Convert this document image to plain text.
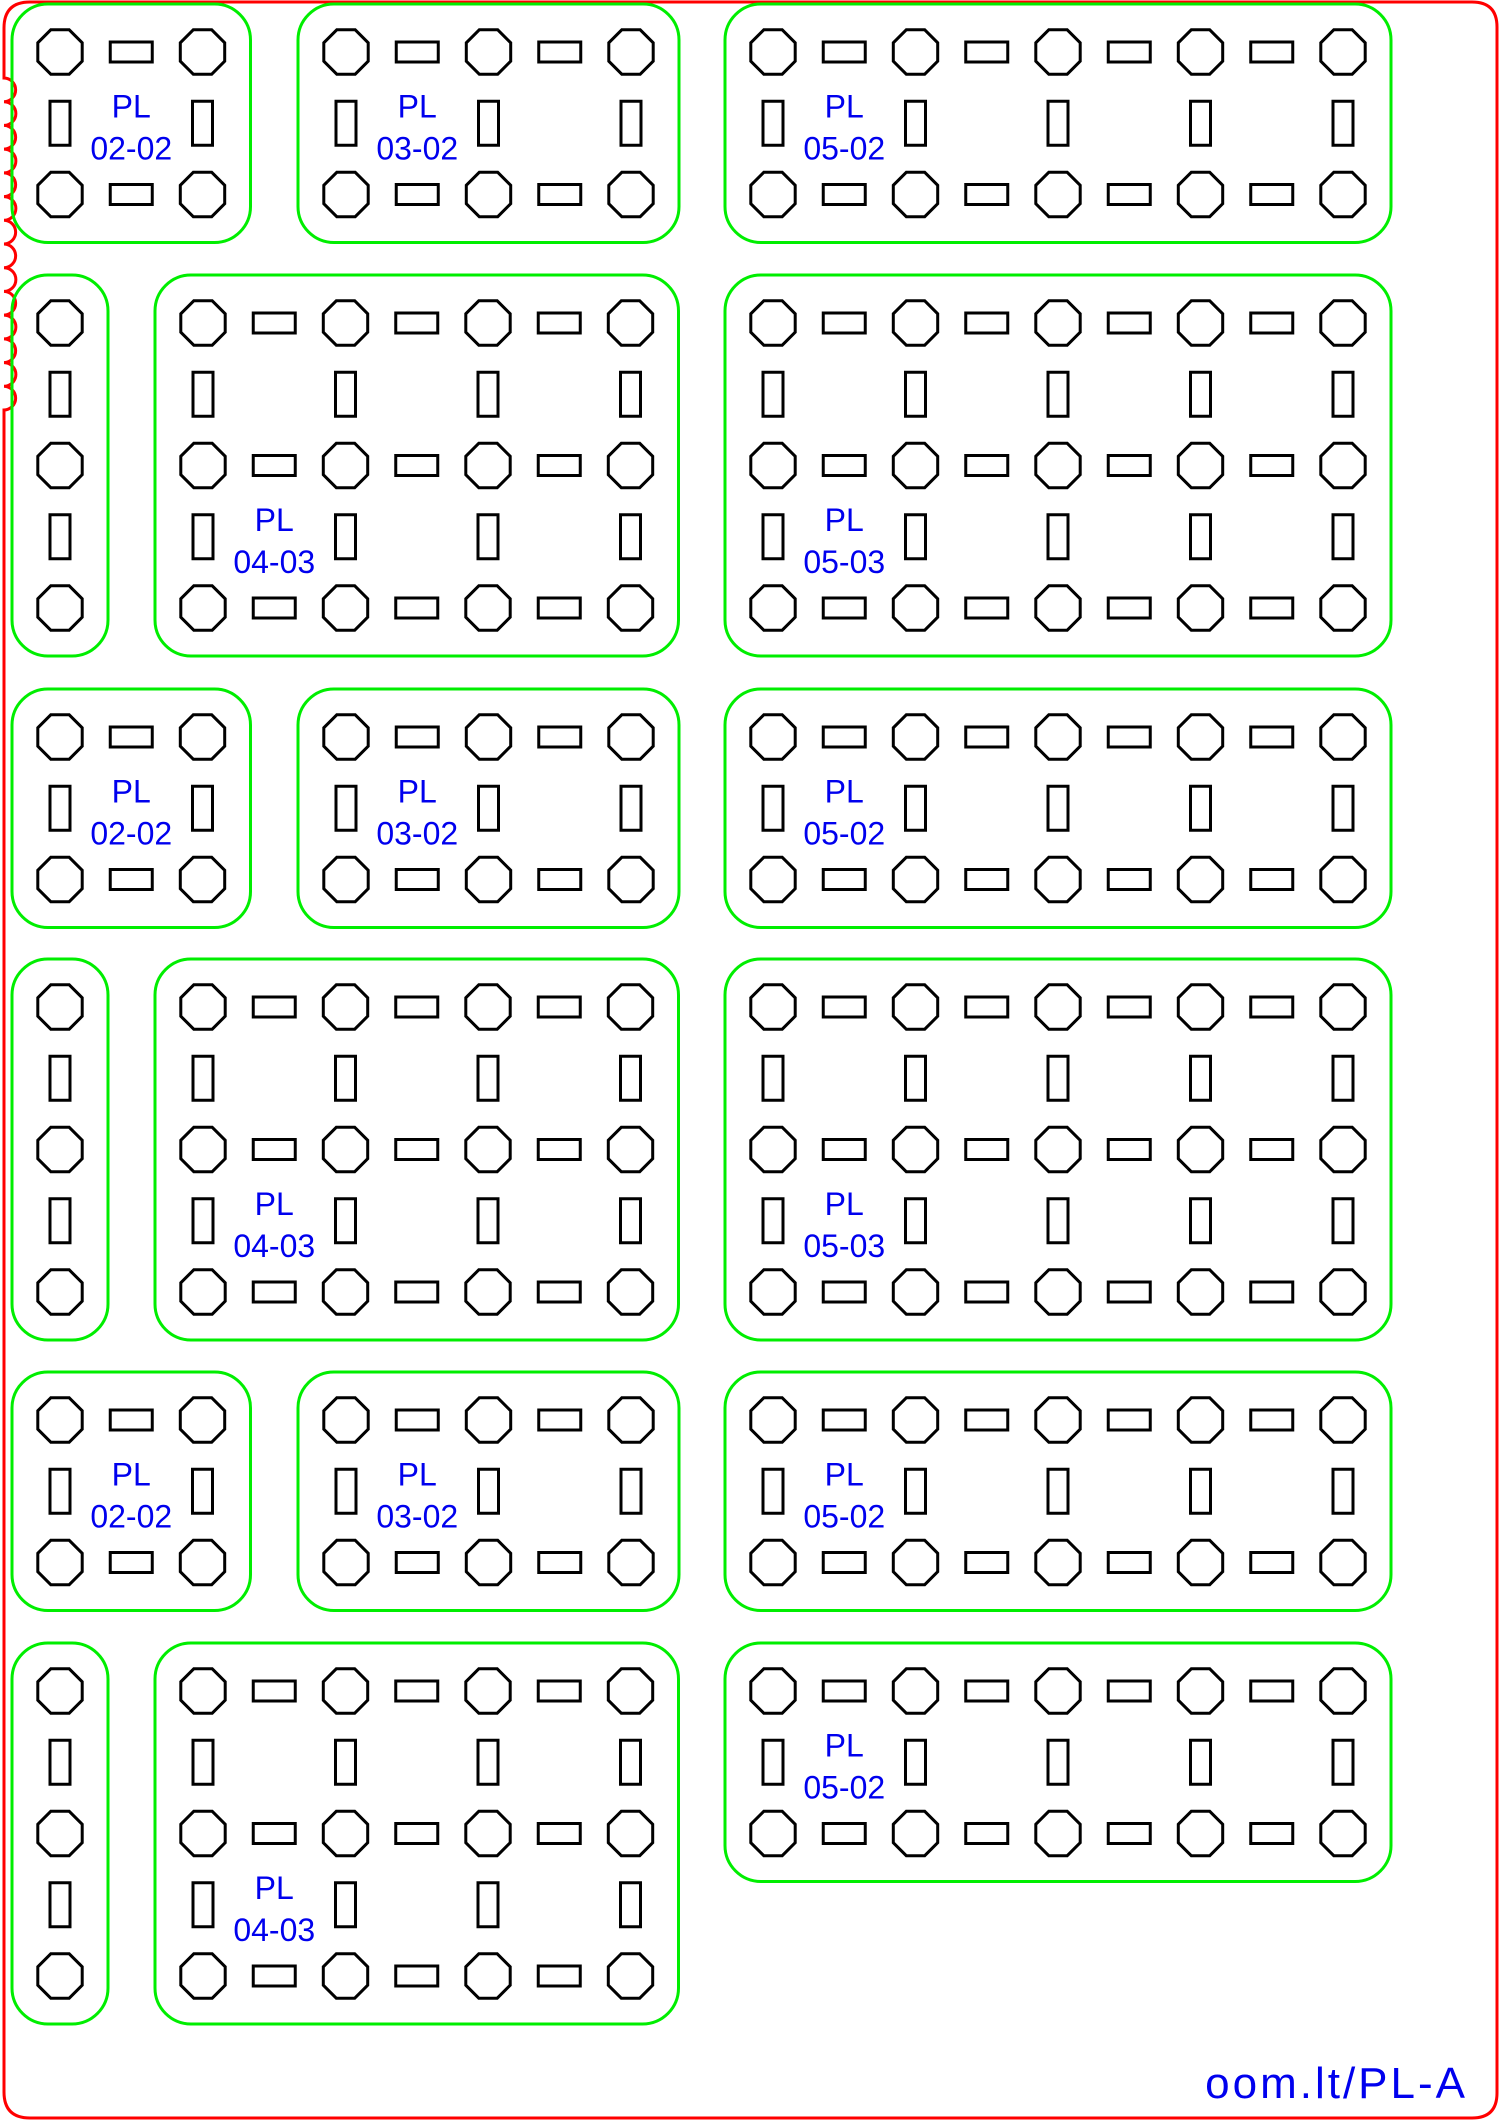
PL
02-02
PL
03-02
PL
05-02
PL
04-03
PL
05-03
PL
02-02
PL
03-02
PL
05-02
PL
04-03
PL
05-03
PL
02-02
PL
03-02
PL
05-02
PL
04-03
PL
05-02
oom.lt/PL-A
